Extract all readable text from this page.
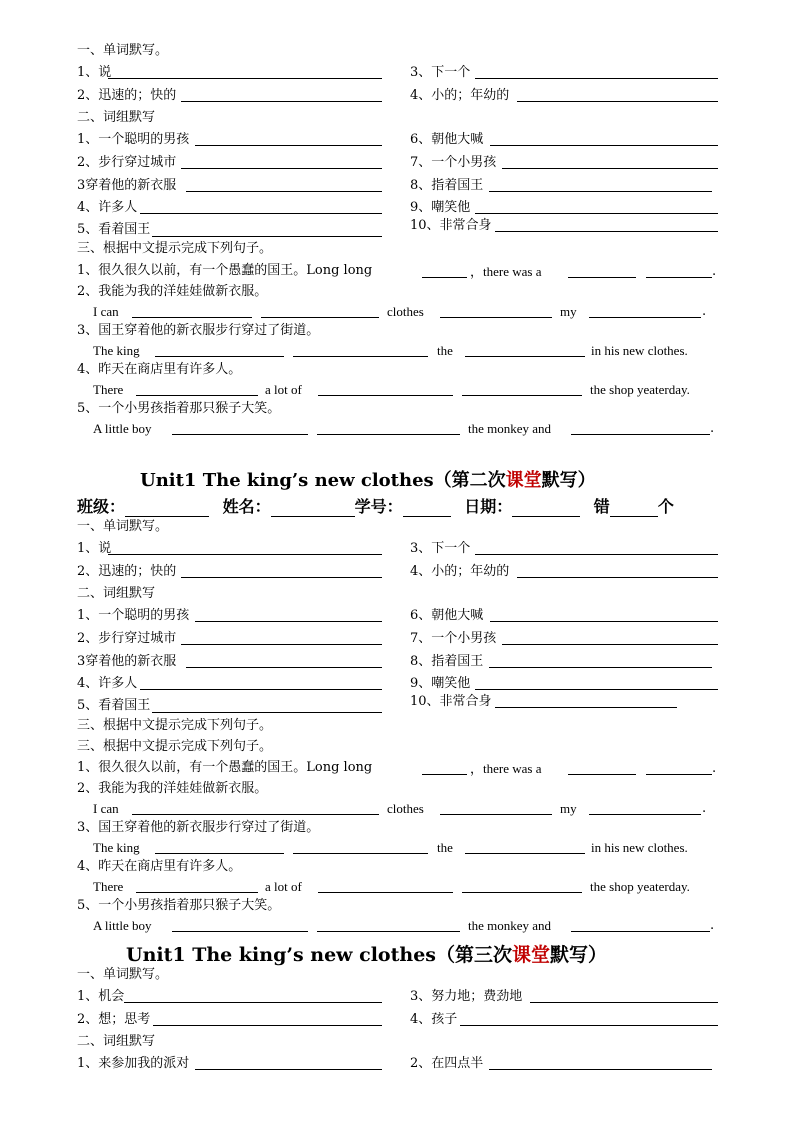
一、单词默写。
1、说	3、下一个
2、迅速的；快的	4、小的；年幼的
二、词组默写
1、一个聪明的男孩	6、朝他大喊
2、步行穿过城市	7、一个小男孩
3穿着他的新衣服	8、指着国王
4、许多人	9、嘲笑他
5、看着国王	10、非常合身
三、根据中文提示完成下列句子。
1、很久很久以前，有一个愚蠢的国王。Long long	，there was a	.
2、我能为我的洋娃娃做新衣服。
I can	clothes	my	.
3、国王穿着他的新衣服步行穿过了街道。
The king	the	in his new clothes.
4、昨天在商店里有许多人。
There	a lot of	the shop yeaterday.
5、一个小男孩指着那只猴子大笑。
A little boy	the monkey and	.
Unit1 The king’s new clothes（第二次课堂默写）
班级：	姓名：	学号：	日期：	错	个
一、单词默写。
1、说	3、下一个
2、迅速的；快的	4、小的；年幼的
二、词组默写
1、一个聪明的男孩	6、朝他大喊
2、步行穿过城市	7、一个小男孩
3穿着他的新衣服	8、指着国王
4、许多人	9、嘲笑他
5、看着国王	10、非常合身
三、根据中文提示完成下列句子。
三、根据中文提示完成下列句子。
1、很久很久以前，有一个愚蠢的国王。Long long	，there was a	.
2、我能为我的洋娃娃做新衣服。
I can	clothes	my	.
3、国王穿着他的新衣服步行穿过了街道。
The king	the	in his new clothes.
4、昨天在商店里有许多人。
There	a lot of	the shop yeaterday.
5、一个小男孩指着那只猴子大笑。
A little boy	the monkey and	.
Unit1 The king’s new clothes（第三次课堂默写）
一、单词默写。
1、机会	3、努力地；费劲地
2、想；思考	4、孩子
二、词组默写
1、来参加我的派对	2、在四点半
